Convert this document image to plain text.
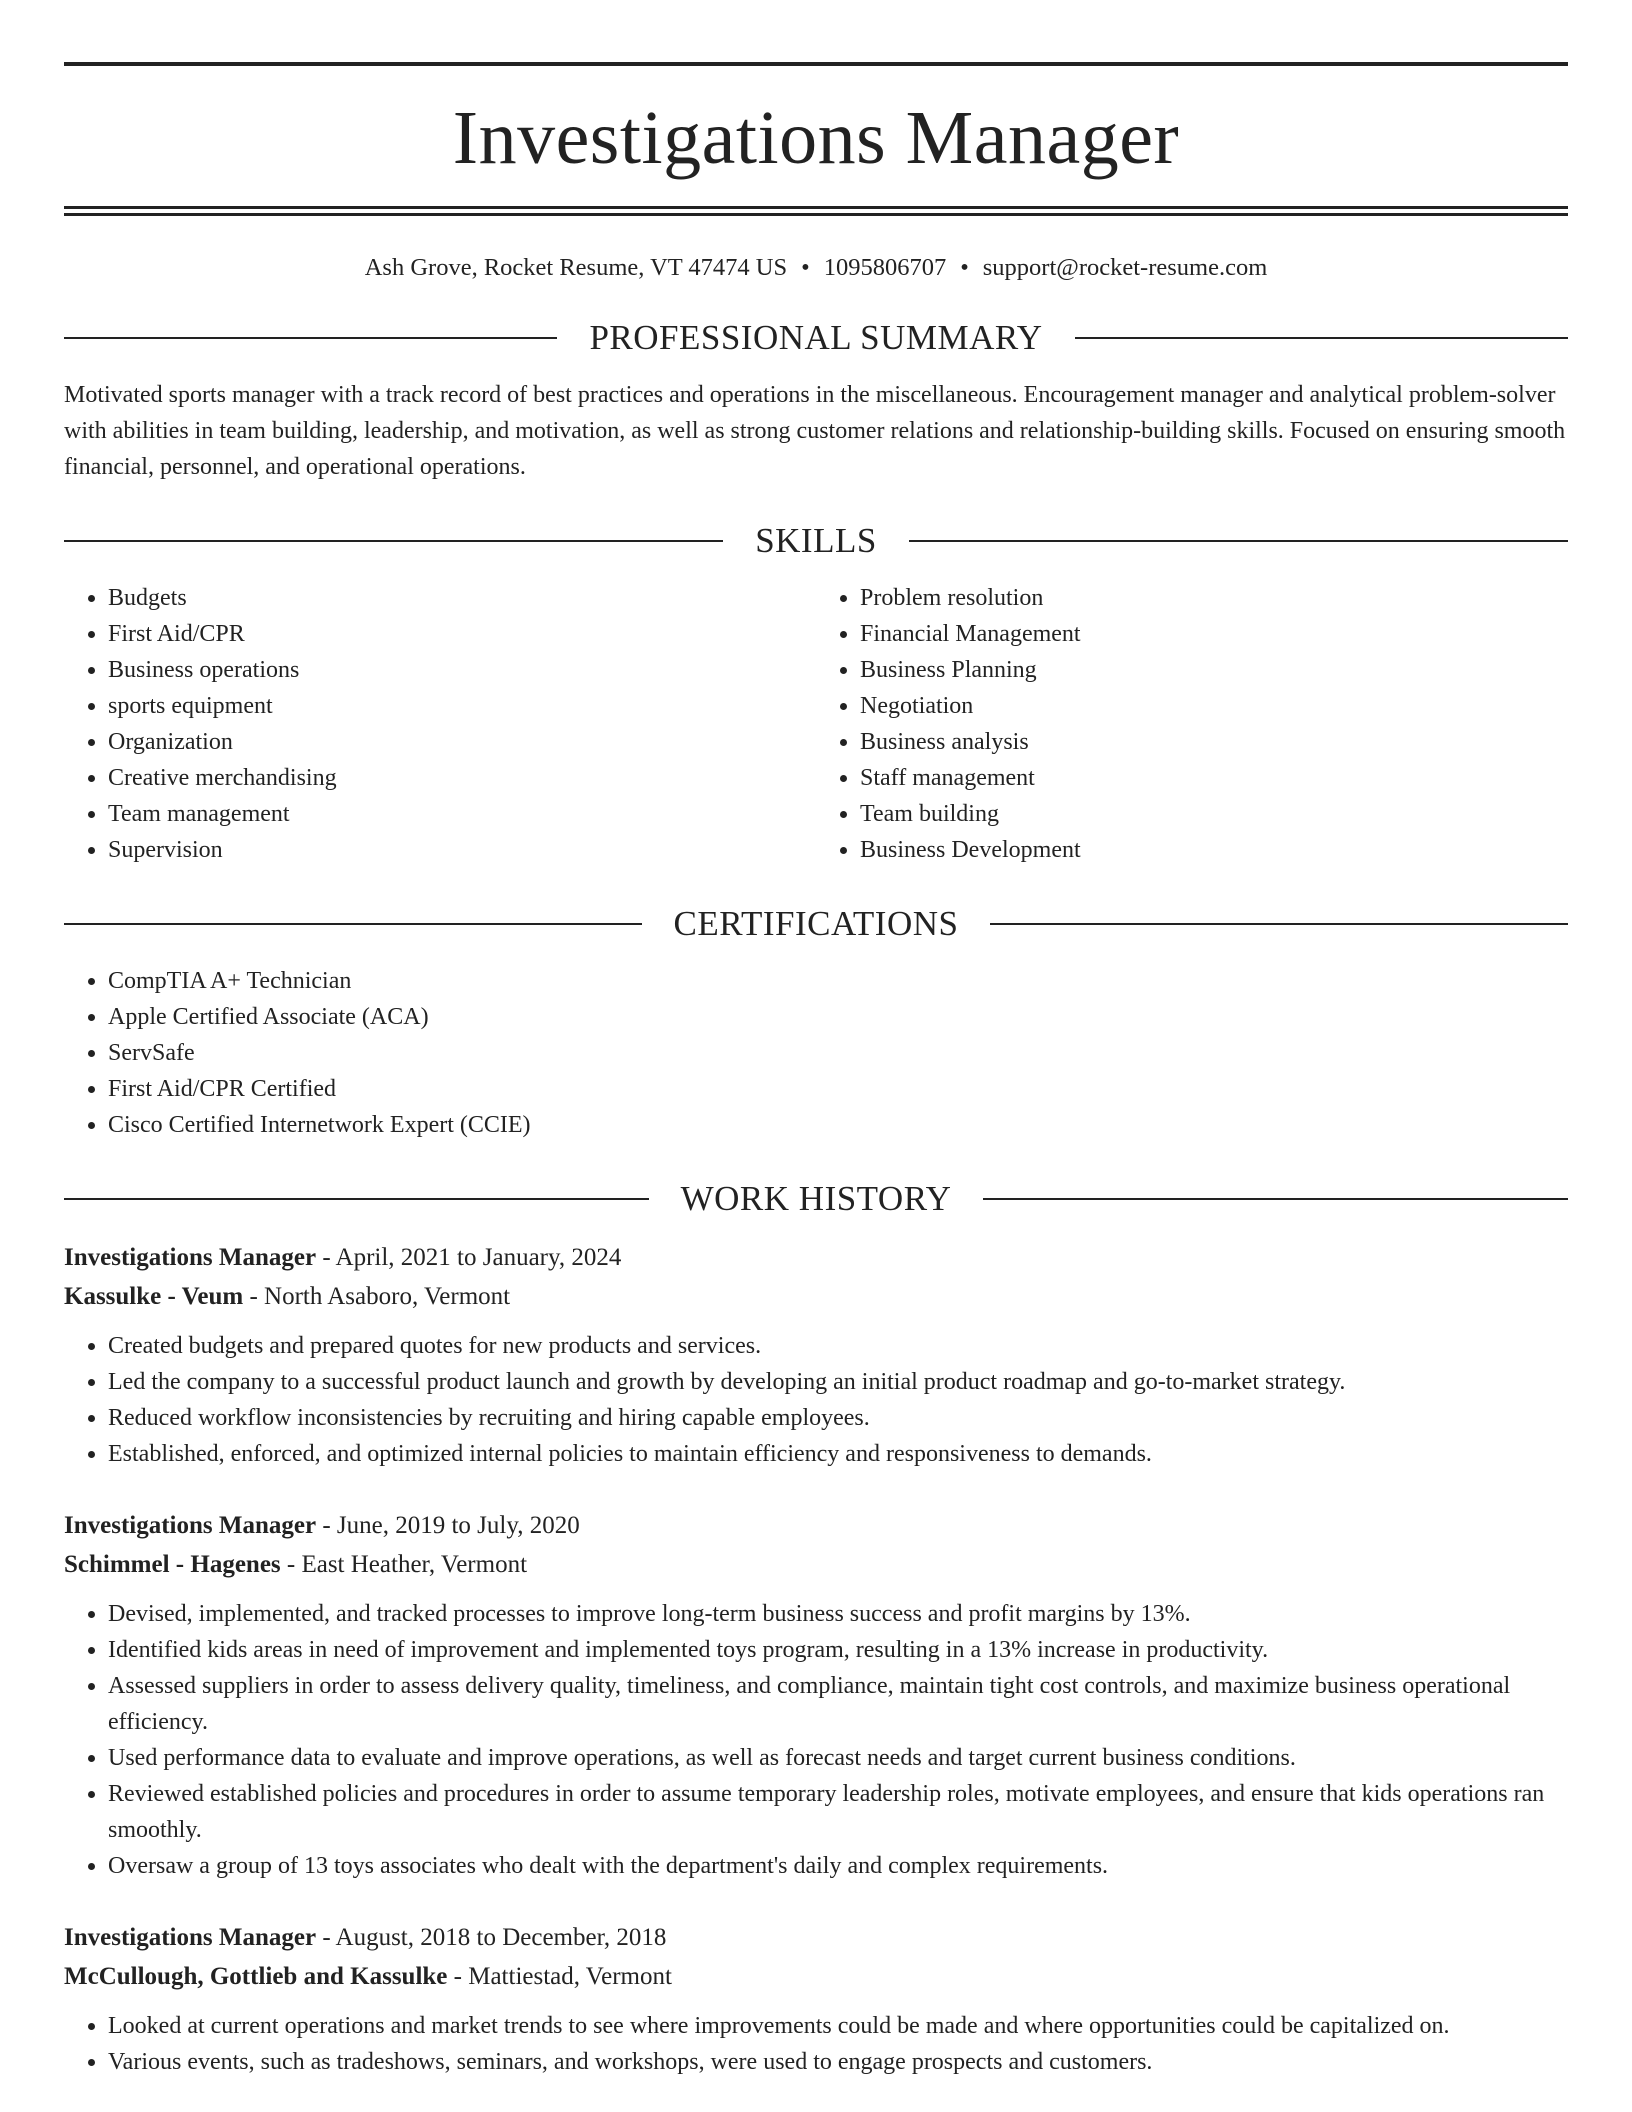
Investigations Manager
Ash Grove, Rocket Resume, VT 47474 US • 1095806707 • support@rocket-resume.com
PROFESSIONAL SUMMARY

Motivated sports manager with a track record of best practices and operations in the miscellaneous. Encouragement manager and analytical problem-solver with abilities in team building, leadership, and motivation, as well as strong customer relations and relationship-building skills. Focused on ensuring smooth financial, personnel, and operational operations.

SKILLS
• Budgets
• First Aid/CPR
• Business operations
• sports equipment
• Organization
• Creative merchandising
• Team management
• Supervision
• Problem resolution
• Financial Management
• Business Planning
• Negotiation
• Business analysis
• Staff management
• Team building
• Business Development
CERTIFICATIONS
• CompTIA A+ Technician
• Apple Certified Associate (ACA)
• ServSafe
• First Aid/CPR Certified
• Cisco Certified Internetwork Expert (CCIE)
WORK HISTORY
Investigations Manager - April, 2021 to January, 2024
Kassulke - Veum - North Asaboro, Vermont
• Created budgets and prepared quotes for new products and services.
• Led the company to a successful product launch and growth by developing an initial product roadmap and go-to-market strategy.
• Reduced workflow inconsistencies by recruiting and hiring capable employees.
• Established, enforced, and optimized internal policies to maintain efficiency and responsiveness to demands.
Investigations Manager - June, 2019 to July, 2020
Schimmel - Hagenes - East Heather, Vermont
• Devised, implemented, and tracked processes to improve long-term business success and profit margins by 13%.
• Identified kids areas in need of improvement and implemented toys program, resulting in a 13% increase in productivity.
• Assessed suppliers in order to assess delivery quality, timeliness, and compliance, maintain tight cost controls, and maximize business operational efficiency.
• Used performance data to evaluate and improve operations, as well as forecast needs and target current business conditions.
• Reviewed established policies and procedures in order to assume temporary leadership roles, motivate employees, and ensure that kids operations ran smoothly.
• Oversaw a group of 13 toys associates who dealt with the department's daily and complex requirements.
Investigations Manager - August, 2018 to December, 2018
McCullough, Gottlieb and Kassulke - Mattiestad, Vermont
• Looked at current operations and market trends to see where improvements could be made and where opportunities could be capitalized on.
• Various events, such as tradeshows, seminars, and workshops, were used to engage prospects and customers.
